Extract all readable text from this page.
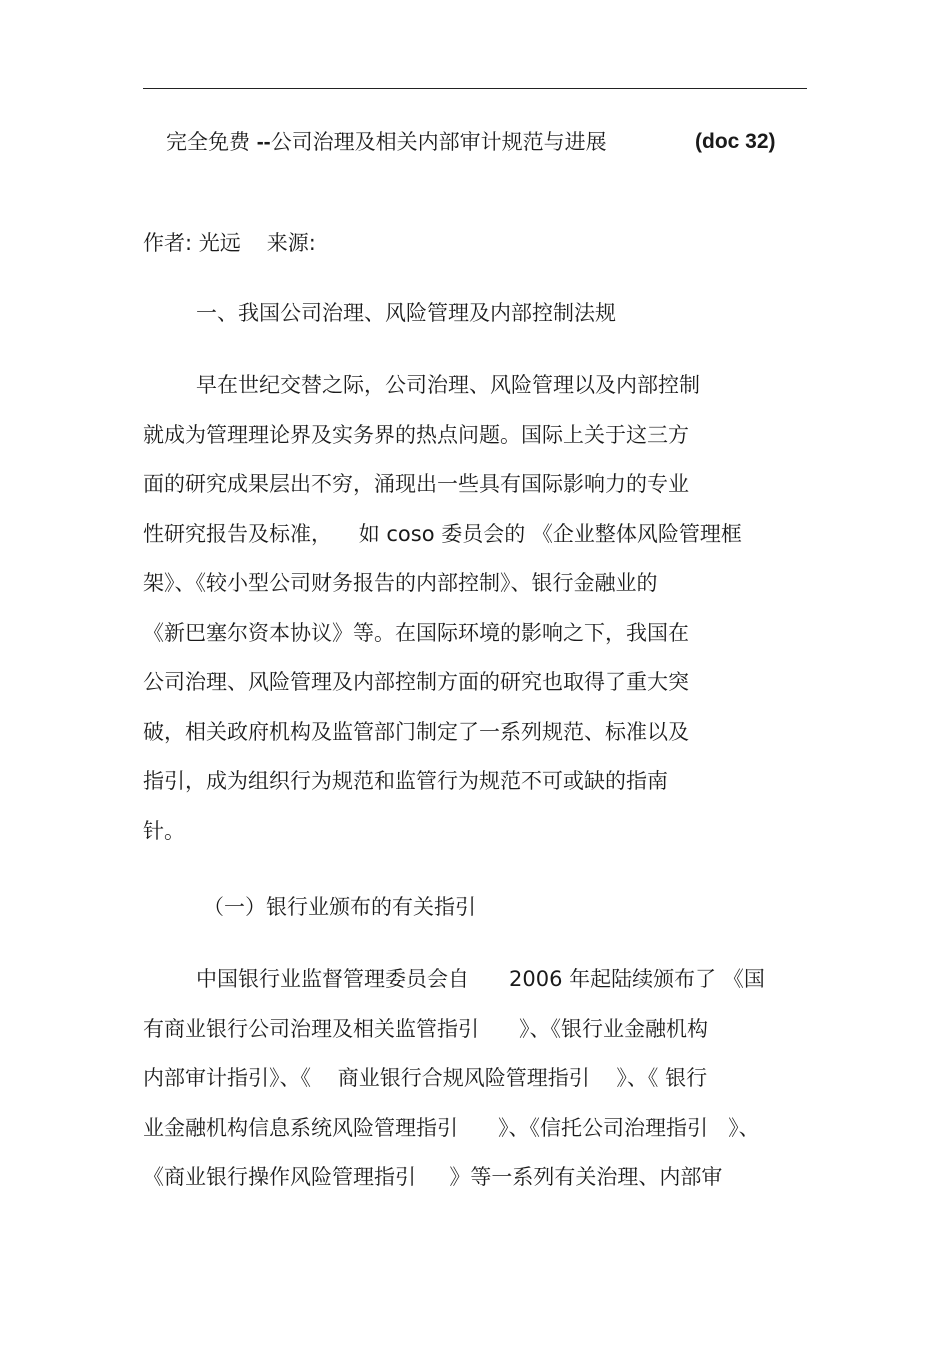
完全免费 --公司治理及相关内部审计规范与进展	(doc 32)
作者: 光远 来源:
一、我国公司治理、风险管理及内部控制法规
早在世纪交替之际，公司治理、风险管理以及内部控制
就成为管理理论界及实务界的热点问题。国际上关于这三方
面的研究成果层出不穷，涌现出一些具有国际影响力的专业
性研究报告及标准，    如 coso 委员会的 《企业整体风险管理框
架》、《较小型公司财务报告的内部控制》、银行金融业的
《新巴塞尔资本协议》等。在国际环境的影响之下，我国在
公司治理、风险管理及内部控制方面的研究也取得了重大突
破，相关政府机构及监管部门制定了一系列规范、标准以及
指引，成为组织行为规范和监管行为规范不可或缺的指南
针。
（一）银行业颁布的有关指引
中国银行业监督管理委员会自      2006 年起陆续颁布了 《国
有商业银行公司治理及相关监管指引      》、《银行业金融机构
内部审计指引》、《    商业银行合规风险管理指引    》、《 银行
业金融机构信息系统风险管理指引      》、《信托公司治理指引   》、
《商业银行操作风险管理指引     》等一系列有关治理、内部审
